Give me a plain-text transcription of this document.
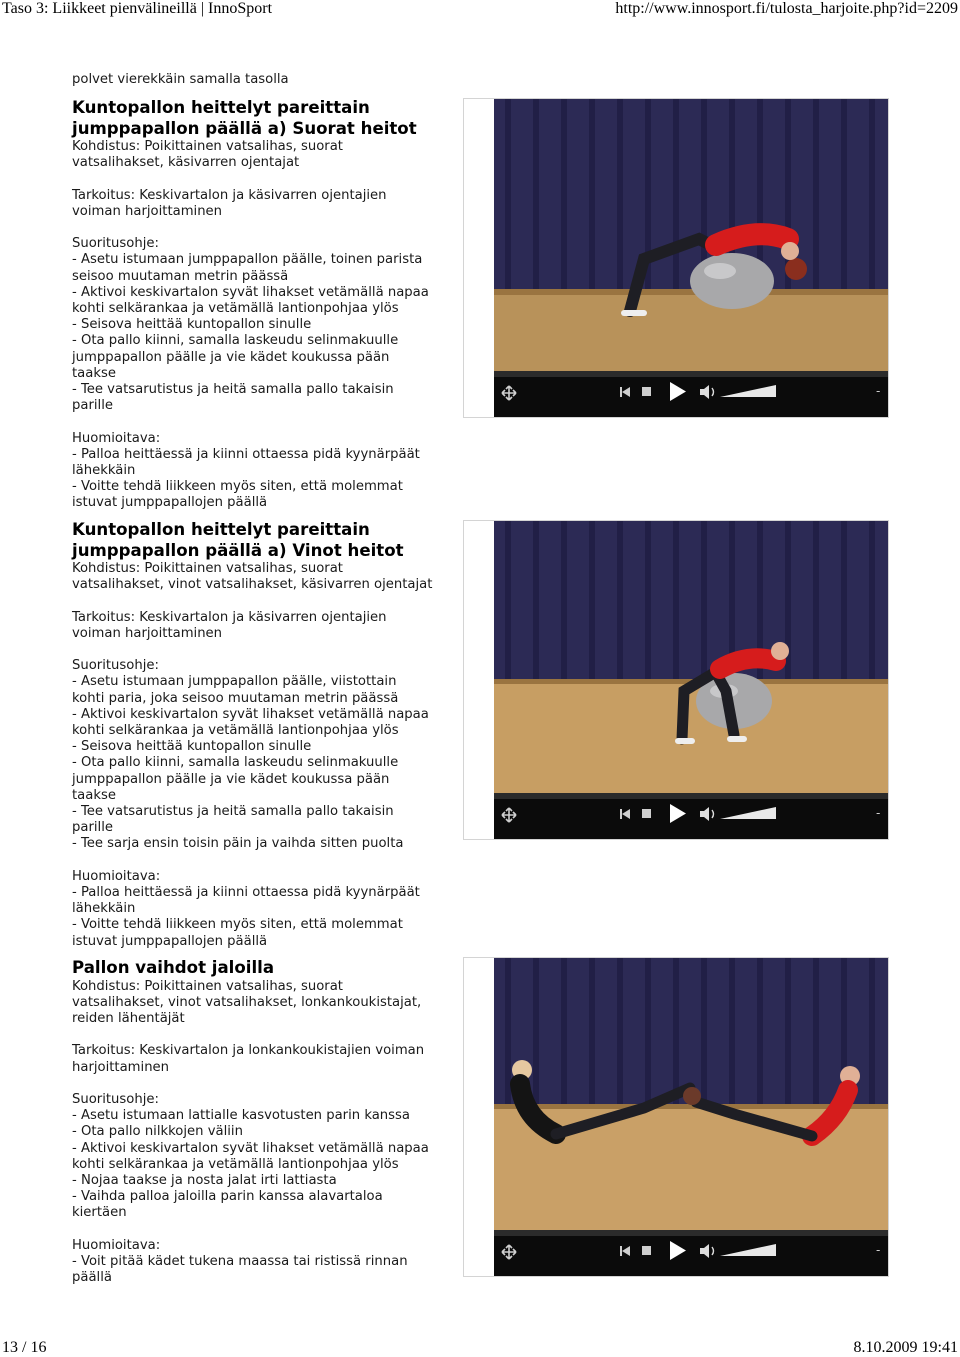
Taso 3: Liikkeet pienvälineillä | InnoSport	http://www.innosport.fi/tulosta_harjoite.php?id=2209

polvet vierekkäin samalla tasolla

Kuntopallon heittelyt pareittain
jumppapallon päällä a) Suorat heitot

Kohdistus: Poikittainen vatsalihas, suorat

vatsalihakset, käsivarren ojentajat

Tarkoitus: Keskivartalon ja käsivarren ojentajien

voiman harjoittaminen

Suoritusohje:

- Asetu istumaan jumppapallon päälle, toinen parista

seisoo muutaman metrin päässä

- Aktivoi keskivartalon syvät lihakset vetämällä napaa

kohti selkärankaa ja vetämällä lantionpohjaa ylös

- Seisova heittää kuntopallon sinulle

- Ota pallo kiinni, samalla laskeudu selinmakuulle

jumppapallon päälle ja vie kädet koukussa pään

taakse

- Tee vatsarutistus ja heitä samalla pallo takaisin

parille

Huomioitava:

- Palloa heittäessä ja kiinni ottaessa pidä kyynärpäät

lähekkäin

- Voitte tehdä liikkeen myös siten, että molemmat

istuvat jumppapallojen päällä

Kuntopallon heittelyt pareittain
jumppapallon päällä a) Vinot heitot

Kohdistus: Poikittainen vatsalihas, suorat

vatsalihakset, vinot vatsalihakset, käsivarren ojentajat

Tarkoitus: Keskivartalon ja käsivarren ojentajien

voiman harjoittaminen

Suoritusohje:

- Asetu istumaan jumppapallon päälle, viistottain

kohti paria, joka seisoo muutaman metrin päässä

- Aktivoi keskivartalon syvät lihakset vetämällä napaa

kohti selkärankaa ja vetämällä lantionpohjaa ylös

- Seisova heittää kuntopallon sinulle

- Ota pallo kiinni, samalla laskeudu selinmakuulle

jumppapallon päälle ja vie kädet koukussa pään

taakse

- Tee vatsarutistus ja heitä samalla pallo takaisin

parille

- Tee sarja ensin toisin päin ja vaihda sitten puolta

Huomioitava:

- Palloa heittäessä ja kiinni ottaessa pidä kyynärpäät

lähekkäin

- Voitte tehdä liikkeen myös siten, että molemmat

istuvat jumppapallojen päällä

Pallon vaihdot jaloilla

Kohdistus: Poikittainen vatsalihas, suorat

vatsalihakset, vinot vatsalihakset, lonkankoukistajat,

reiden lähentäjät

Tarkoitus: Keskivartalon ja lonkankoukistajien voiman

harjoittaminen

Suoritusohje:

- Asetu istumaan lattialle kasvotusten parin kanssa

- Ota pallo nilkkojen väliin

- Aktivoi keskivartalon syvät lihakset vetämällä napaa

kohti selkärankaa ja vetämällä lantionpohjaa ylös

- Nojaa taakse ja nosta jalat irti lattiasta

- Vaihda palloa jaloilla parin kanssa alavartaloa

kiertäen

Huomioitava:

- Voit pitää kädet tukena maassa tai ristissä rinnan

päällä

-
-
-
13 / 16	8.10.2009 19:41
